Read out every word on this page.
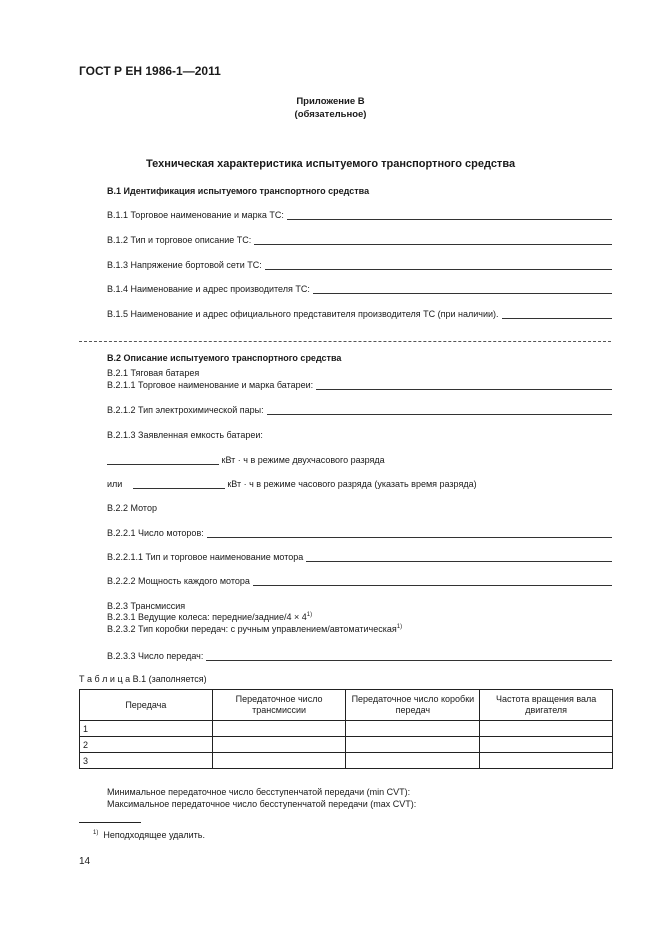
ГОСТ Р ЕН 1986-1—2011
Приложение В
(обязательное)
Техническая характеристика испытуемого транспортного средства
В.1 Идентификация испытуемого транспортного средства
В.1.1 Торговое наименование и марка ТС:
В.1.2 Тип и торговое описание ТС:
В.1.3 Напряжение бортовой сети ТС:
В.1.4 Наименование и адрес производителя ТС:
В.1.5 Наименование и адрес официального представителя производителя ТС (при наличии).
В.2 Описание испытуемого транспортного средства
В.2.1 Тяговая батарея
В.2.1.1 Торговое наименование и марка батареи:
В.2.1.2 Тип электрохимической пары:
В.2.1.3 Заявленная емкость батареи:
кВт · ч в режиме двухчасового разряда
или	кВт · ч в режиме часового разряда (указать время разряда)
В.2.2 Мотор
В.2.2.1 Число моторов:
В.2.2.1.1 Тип и торговое наименование мотора
В.2.2.2 Мощность каждого мотора
В.2.3 Трансмиссия
В.2.3.1 Ведущие колеса: передние/задние/4 × $4^{1)}$
В.2.3.2 Тип коробки передач: с ручным управлением/автоматическая$^{1)}$
В.2.3.3 Число передач:
Т а б л и ц а В.1 (заполняется)
Передача	Передаточное число трансмиссии	Передаточное число коробки передач	Частота вращения вала двигателя
1			
2			
3			
Минимальное передаточное число бесступенчатой передачи (min CVT):
Максимальное передаточное число бесступенчатой передачи (max CVT):
$^{1)}$ Неподходящее удалить.
14
